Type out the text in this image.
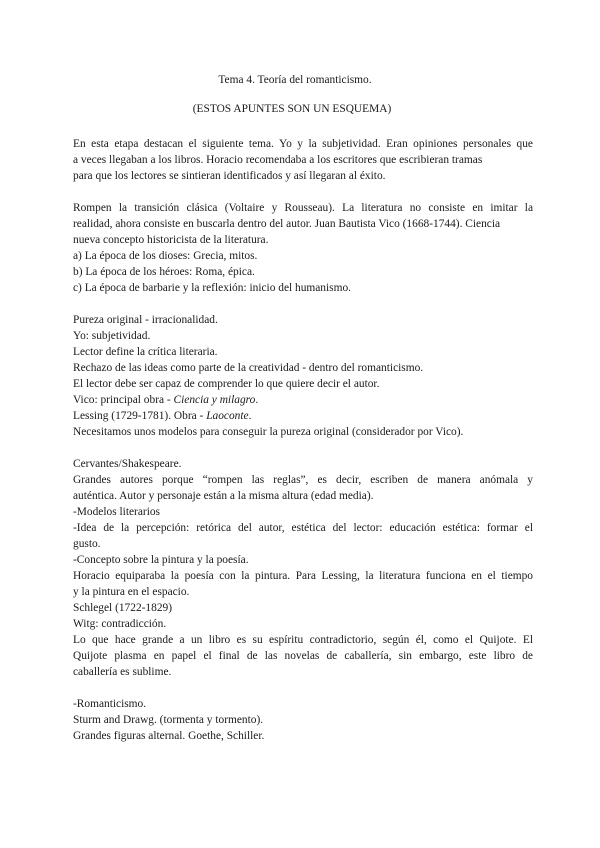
Tema 4. Teoría del romanticismo.
(ESTOS APUNTES SON UN ESQUEMA)
En esta etapa destacan el siguiente tema. Yo y la subjetividad. Eran opiniones personales que
a veces llegaban a los libros. Horacio recomendaba a los escritores que escribieran tramas
para que los lectores se sintieran identificados y así llegaran al éxito.
Rompen la transición clásica (Voltaire y Rousseau). La literatura no consiste en imitar la
realidad, ahora consiste en buscarla dentro del autor. Juan Bautista Vico (1668-1744). Ciencia
nueva concepto historicista de la literatura.
a) La época de los dioses: Grecia, mitos.
b) La época de los héroes: Roma, épica.
c) La época de barbarie y la reflexión: inicio del humanismo.
Pureza original - irracionalidad.
Yo: subjetividad.
Lector define la crítica literaria.
Rechazo de las ideas como parte de la creatividad - dentro del romanticismo.
El lector debe ser capaz de comprender lo que quiere decir el autor.
Vico: principal obra - Ciencia y milagro.
Lessing (1729-1781). Obra - Laoconte.
Necesitamos unos modelos para conseguir la pureza original (considerador por Vico).
Cervantes/Shakespeare.
Grandes autores porque “rompen las reglas”, es decir, escriben de manera anómala y
auténtica. Autor y personaje están a la misma altura (edad media).
-Modelos literarios
-Idea de la percepción: retórica del autor, estética del lector: educación estética: formar el
gusto.
-Concepto sobre la pintura y la poesía.
Horacio equiparaba la poesía con la pintura. Para Lessing, la literatura funciona en el tiempo
y la pintura en el espacio.
Schlegel (1722-1829)
Witg: contradicción.
Lo que hace grande a un libro es su espíritu contradictorio, según él, como el Quijote. El
Quijote plasma en papel el final de las novelas de caballería, sin embargo, este libro de
caballería es sublime.
-Romanticismo.
Sturm and Drawg. (tormenta y tormento).
Grandes figuras alternal. Goethe, Schiller.
